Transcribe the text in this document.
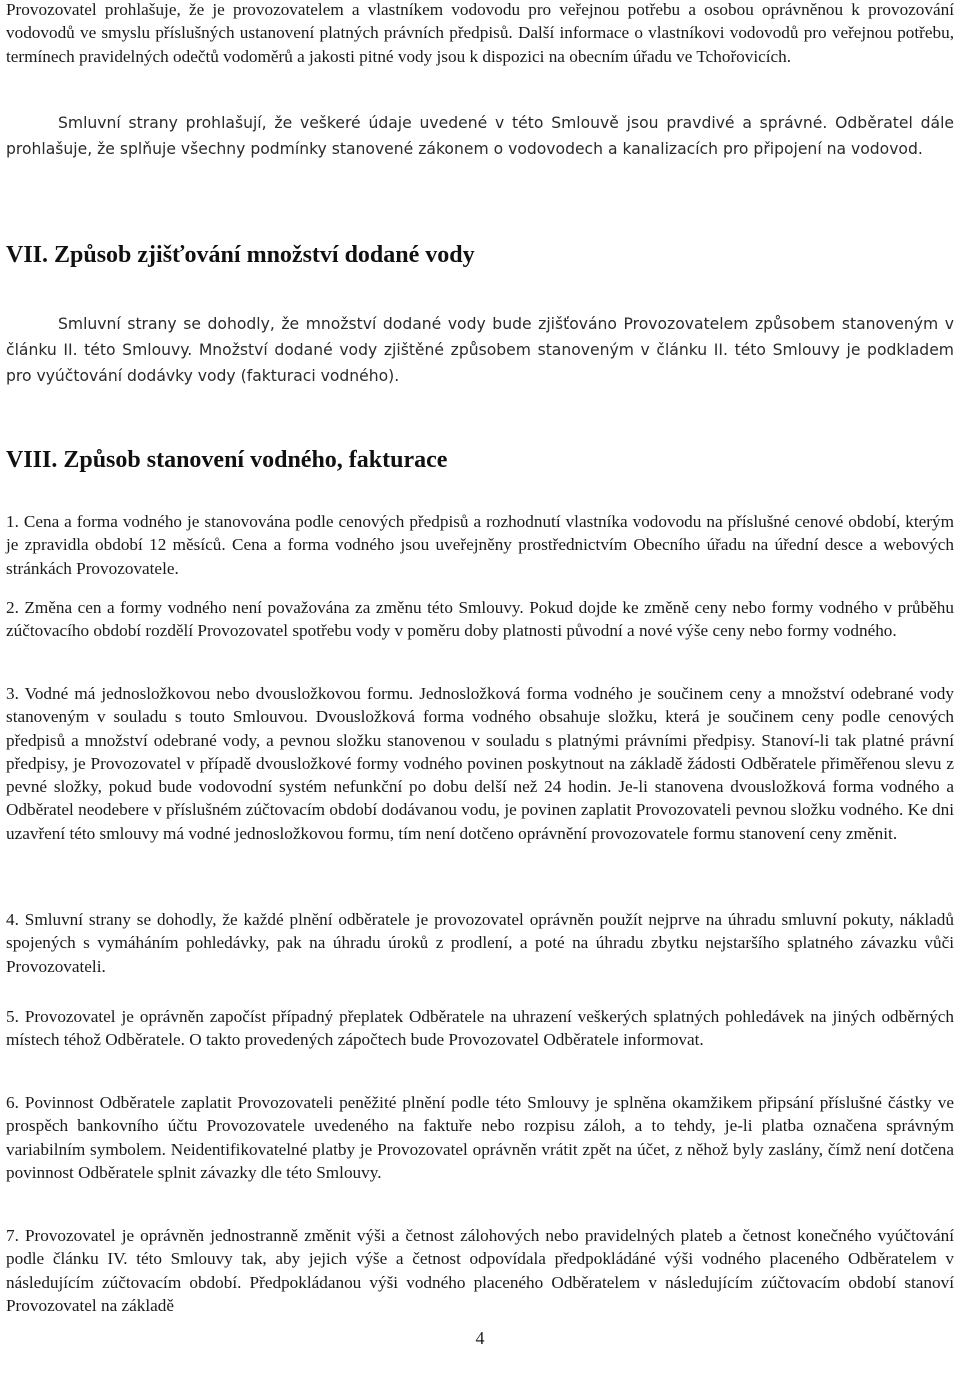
Provozovatel prohlašuje, že je provozovatelem a vlastníkem vodovodu pro veřejnou potřebu a osobou oprávněnou k provozování vodovodů ve smyslu příslušných ustanovení platných právních předpisů. Další informace o vlastníkovi vodovodů pro veřejnou potřebu, termínech pravidelných odečtů vodoměrů a jakosti pitné vody jsou k dispozici na obecním úřadu ve Tchořovicích.

Smluvní strany prohlašují, že veškeré údaje uvedené v této Smlouvě jsou pravdivé a správné. Odběratel dále prohlašuje, že splňuje všechny podmínky stanovené zákonem o vodovodech a kanalizacích pro připojení na vodovod.

VII. Způsob zjišťování množství dodané vody

Smluvní strany se dohodly, že množství dodané vody bude zjišťováno Provozovatelem způsobem stanoveným v článku II. této Smlouvy. Množství dodané vody zjištěné způsobem stanoveným v článku II. této Smlouvy je podkladem pro vyúčtování dodávky vody (fakturaci vodného).

VIII. Způsob stanovení vodného, fakturace

1. Cena a forma vodného je stanovována podle cenových předpisů a rozhodnutí vlastníka vodovodu na příslušné cenové období, kterým je zpravidla období 12 měsíců. Cena a forma vodného jsou uveřejněny prostřednictvím Obecního úřadu na úřední desce a webových stránkách Provozovatele.

2. Změna cen a formy vodného není považována za změnu této Smlouvy. Pokud dojde ke změně ceny nebo formy vodného v průběhu zúčtovacího období rozdělí Provozovatel spotřebu vody v poměru doby platnosti původní a nové výše ceny nebo formy vodného.

3. Vodné má jednosložkovou nebo dvousložkovou formu. Jednosložková forma vodného je součinem ceny a množství odebrané vody stanoveným v souladu s touto Smlouvou. Dvousložková forma vodného obsahuje složku, která je součinem ceny podle cenových předpisů a množství odebrané vody, a pevnou složku stanovenou v souladu s platnými právními předpisy. Stanoví-li tak platné právní předpisy, je Provozovatel v případě dvousložkové formy vodného povinen poskytnout na základě žádosti Odběratele přiměřenou slevu z pevné složky, pokud bude vodovodní systém nefunkční po dobu delší než 24 hodin. Je-li stanovena dvousložková forma vodného a Odběratel neodebere v příslušném zúčtovacím období dodávanou vodu, je povinen zaplatit Provozovateli pevnou složku vodného. Ke dni uzavření této smlouvy má vodné jednosložkovou formu, tím není dotčeno oprávnění provozovatele formu stanovení ceny změnit.

4. Smluvní strany se dohodly, že každé plnění odběratele je provozovatel oprávněn použít nejprve na úhradu smluvní pokuty, nákladů spojených s vymáháním pohledávky, pak na úhradu úroků z prodlení, a poté na úhradu zbytku nejstaršího splatného závazku vůči Provozovateli.

5. Provozovatel je oprávněn započíst případný přeplatek Odběratele na uhrazení veškerých splatných pohledávek na jiných odběrných místech téhož Odběratele. O takto provedených zápočtech bude Provozovatel Odběratele informovat.

6. Povinnost Odběratele zaplatit Provozovateli peněžité plnění podle této Smlouvy je splněna okamžikem připsání příslušné částky ve prospěch bankovního účtu Provozovatele uvedeného na faktuře nebo rozpisu záloh, a to tehdy, je-li platba označena správným variabilním symbolem. Neidentifikovatelné platby je Provozovatel oprávněn vrátit zpět na účet, z něhož byly zaslány, čímž není dotčena povinnost Odběratele splnit závazky dle této Smlouvy.

7. Provozovatel je oprávněn jednostranně změnit výši a četnost zálohových nebo pravidelných plateb a četnost konečného vyúčtování podle článku IV. této Smlouvy tak, aby jejich výše a četnost odpovídala předpokládáné výši vodného placeného Odběratelem v následujícím zúčtovacím období. Předpokládanou výši vodného placeného Odběratelem v následujícím zúčtovacím období stanoví Provozovatel na základě

4
